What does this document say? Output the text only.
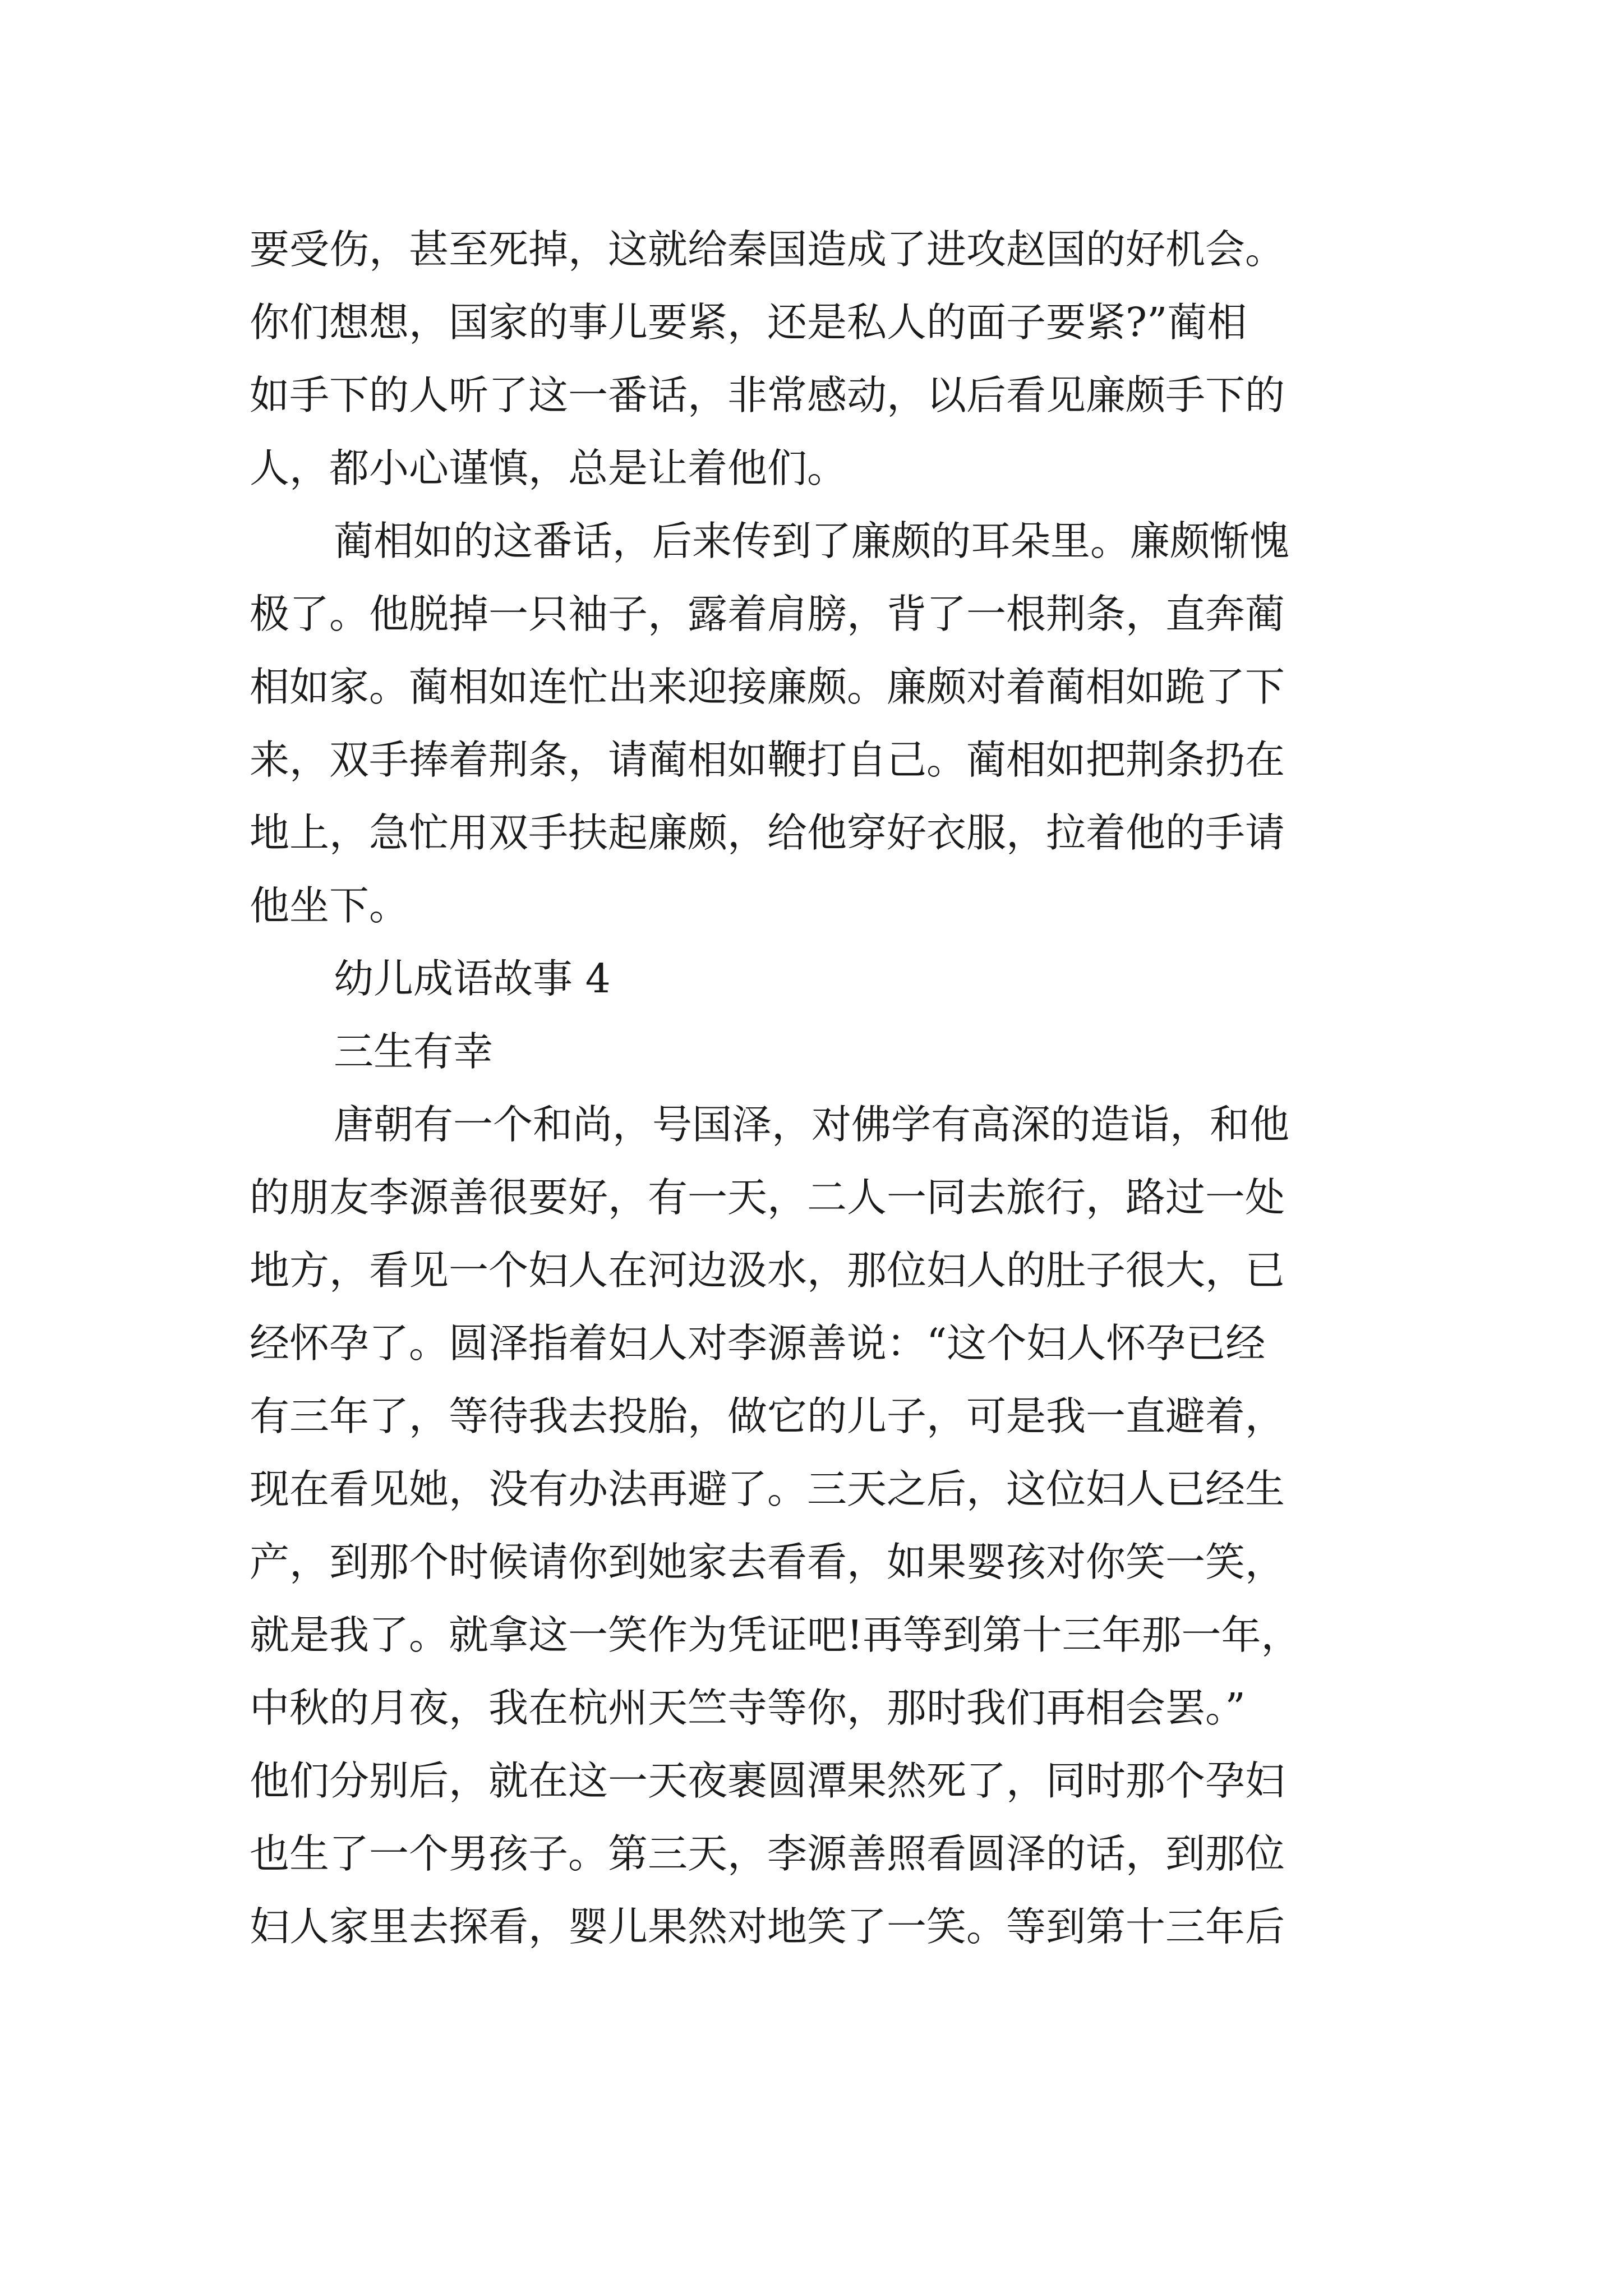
要受伤，甚至死掉，这就给秦国造成了进攻赵国的好机会。
你们想想，国家的事儿要紧，还是私人的面子要紧?”蔺相
如手下的人听了这一番话，非常感动，以后看见廉颇手下的
人，都小心谨慎，总是让着他们。
蔺相如的这番话，后来传到了廉颇的耳朵里。廉颇惭愧
极了。他脱掉一只袖子，露着肩膀，背了一根荆条，直奔蔺
相如家。蔺相如连忙出来迎接廉颇。廉颇对着蔺相如跪了下
来，双手捧着荆条，请蔺相如鞭打自己。蔺相如把荆条扔在
地上，急忙用双手扶起廉颇，给他穿好衣服，拉着他的手请
他坐下。
幼儿成语故事 4
三生有幸
唐朝有一个和尚，号国泽，对佛学有高深的造诣，和他
的朋友李源善很要好，有一天，二人一同去旅行，路过一处
地方，看见一个妇人在河边汲水，那位妇人的肚子很大，已
经怀孕了。圆泽指着妇人对李源善说：“这个妇人怀孕已经
有三年了，等待我去投胎，做它的儿子，可是我一直避着，
现在看见她，没有办法再避了。三天之后，这位妇人已经生
产，到那个时候请你到她家去看看，如果婴孩对你笑一笑，
就是我了。就拿这一笑作为凭证吧!再等到第十三年那一年，
中秋的月夜，我在杭州天竺寺等你，那时我们再相会罢。”
他们分别后，就在这一天夜裹圆潭果然死了，同时那个孕妇
也生了一个男孩子。第三天，李源善照看圆泽的话，到那位
妇人家里去探看，婴儿果然对地笑了一笑。等到第十三年后
